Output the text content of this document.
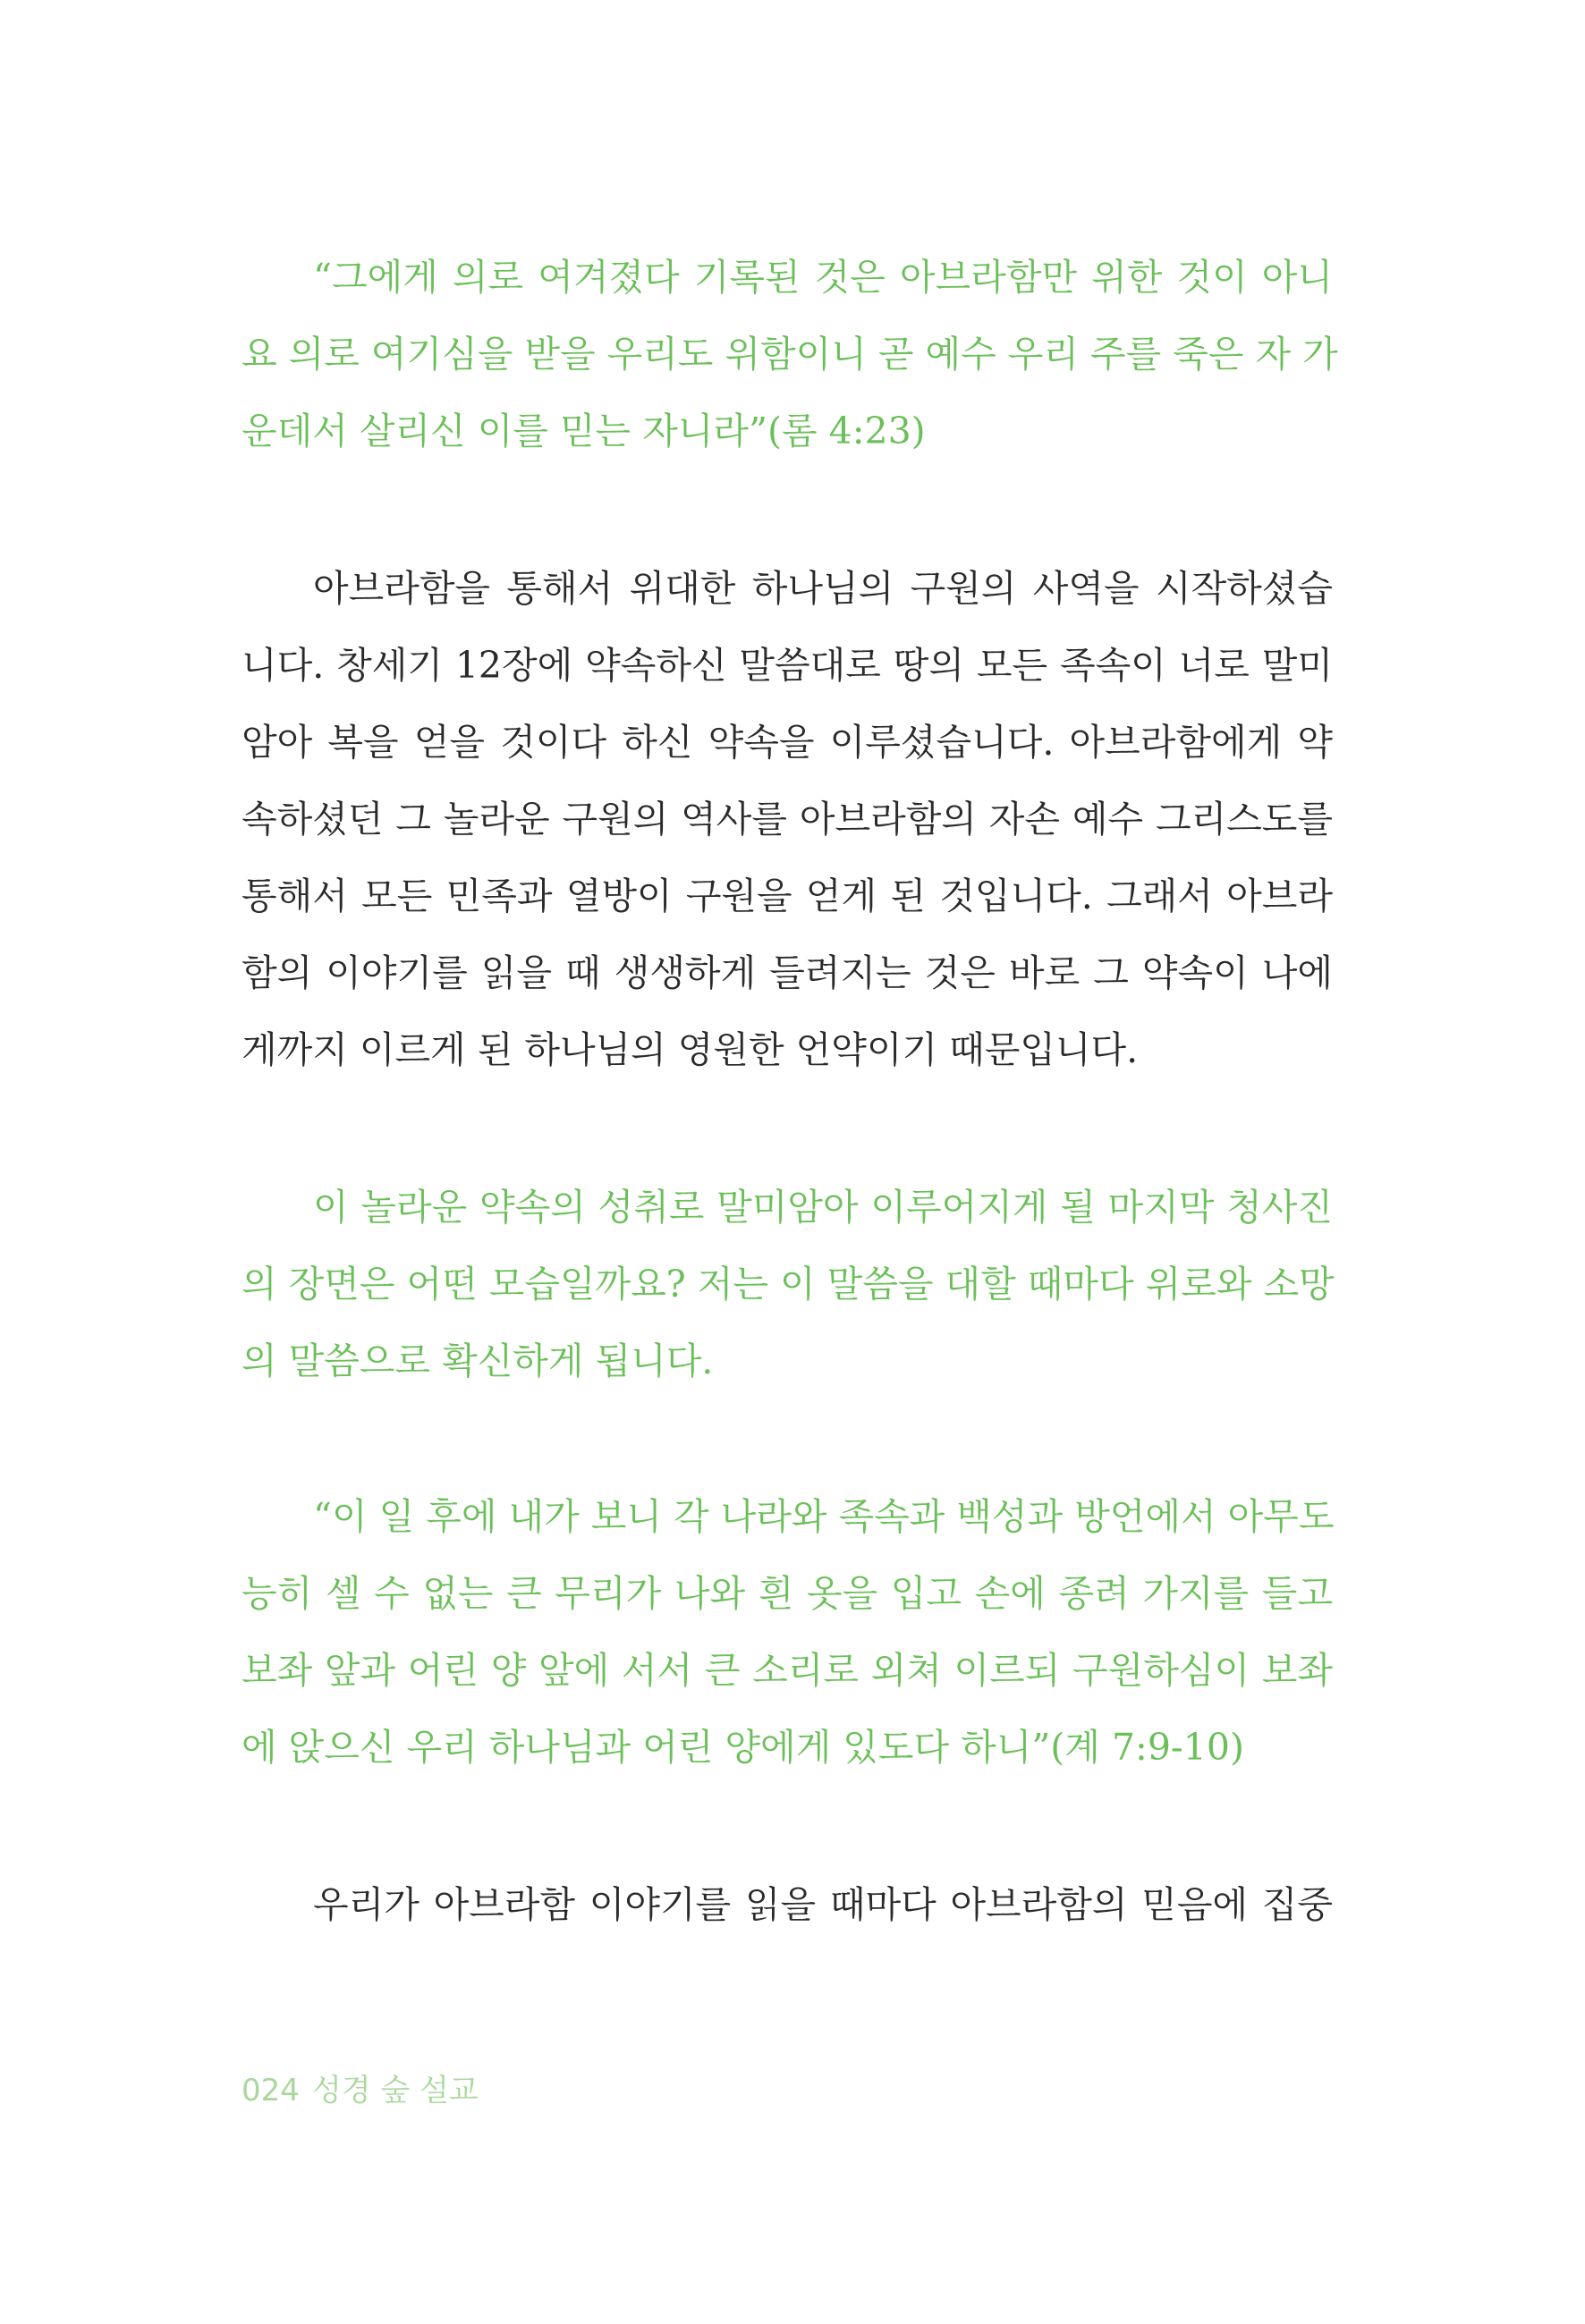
“그에게 의로 여겨졌다 기록된 것은 아브라함만 위한 것이 아니
요 의로 여기심을 받을 우리도 위함이니 곧 예수 우리 주를 죽은 자 가
운데서 살리신 이를 믿는 자니라”(롬 4:23)
아브라함을 통해서 위대한 하나님의 구원의 사역을 시작하셨습
니다. 창세기 12장에 약속하신 말씀대로 땅의 모든 족속이 너로 말미
암아 복을 얻을 것이다 하신 약속을 이루셨습니다. 아브라함에게 약
속하셨던 그 놀라운 구원의 역사를 아브라함의 자손 예수 그리스도를
통해서 모든 민족과 열방이 구원을 얻게 된 것입니다. 그래서 아브라
함의 이야기를 읽을 때 생생하게 들려지는 것은 바로 그 약속이 나에
게까지 이르게 된 하나님의 영원한 언약이기 때문입니다.
이 놀라운 약속의 성취로 말미암아 이루어지게 될 마지막 청사진
의 장면은 어떤 모습일까요? 저는 이 말씀을 대할 때마다 위로와 소망
의 말씀으로 확신하게 됩니다.
“이 일 후에 내가 보니 각 나라와 족속과 백성과 방언에서 아무도
능히 셀 수 없는 큰 무리가 나와 흰 옷을 입고 손에 종려 가지를 들고
보좌 앞과 어린 양 앞에 서서 큰 소리로 외쳐 이르되 구원하심이 보좌
에 앉으신 우리 하나님과 어린 양에게 있도다 하니”(계 7:9-10)
우리가 아브라함 이야기를 읽을 때마다 아브라함의 믿음에 집중
024 성경 숲 설교
